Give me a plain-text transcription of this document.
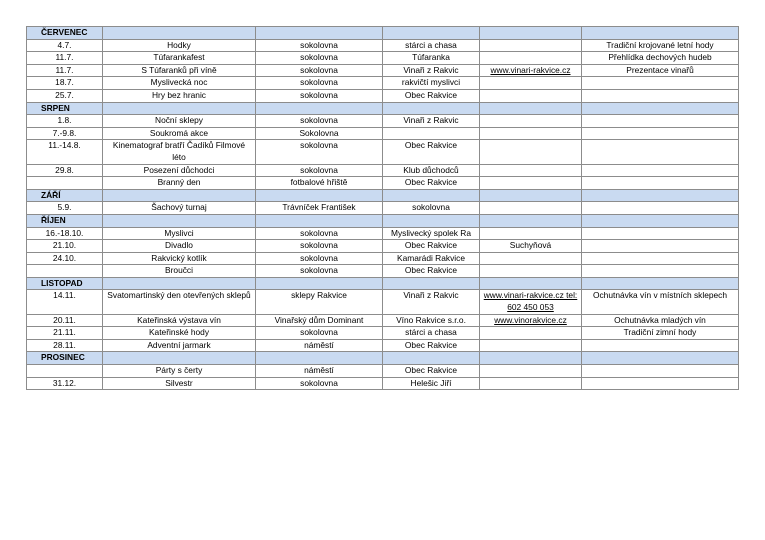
ČERVENEC					
4.7.	Hodky	sokolovna	stárci a chasa		Tradiční krojované letní hody
11.7.	Túfarankafest	sokolovna	Túfaranka		Přehlídka dechových hudeb
11.7.	S Túfaranků při víně	sokolovna	Vinaři z Rakvic	www.vinari-rakvice.cz	Prezentace vinařů
18.7.	Myslivecká noc	sokolovna	rakvičtí myslivci		
25.7.	Hry bez hranic	sokolovna	Obec Rakvice		
SRPEN					
1.8.	Noční sklepy	sokolovna	Vinaři z Rakvic		
7.-9.8.	Soukromá akce	Sokolovna			
11.-14.8.	Kinematograf bratří Čadíků Filmové léto	sokolovna	Obec Rakvice		
29.8.	Posezení důchodci	sokolovna	Klub důchodců		
	Branný den	fotbalové hřiště	Obec Rakvice		
ZÁŘÍ					
5.9.	Šachový turnaj	Trávníček František	sokolovna		
ŘÍJEN					
16.-18.10.	Myslivci	sokolovna	Myslivecký spolek Ra		
21.10.	Divadlo	sokolovna	Obec Rakvice	Suchyňová	
24.10.	Rakvický kotlík	sokolovna	Kamarádi Rakvice		
	Broučci	sokolovna	Obec Rakvice		
LISTOPAD					
14.11.	Svatomartinský den otevřených sklepů	sklepy Rakvice	Vinaři z Rakvic	www.vinari-rakvice.cz tel: 602 450 053	Ochutnávka vín v místních sklepech
20.11.	Kateřinská výstava vín	Vinařský dům Dominant	Víno Rakvice s.r.o.	www.vinorakvice.cz	Ochutnávka mladých vín
21.11.	Kateřinské hody	sokolovna	stárci a chasa		Tradiční zimní hody
28.11.	Adventní jarmark	náměstí	Obec Rakvice		
PROSINEC					
	Párty s čerty	náměstí	Obec Rakvice		
31.12.	Silvestr	sokolovna	Helešic Jiří		
